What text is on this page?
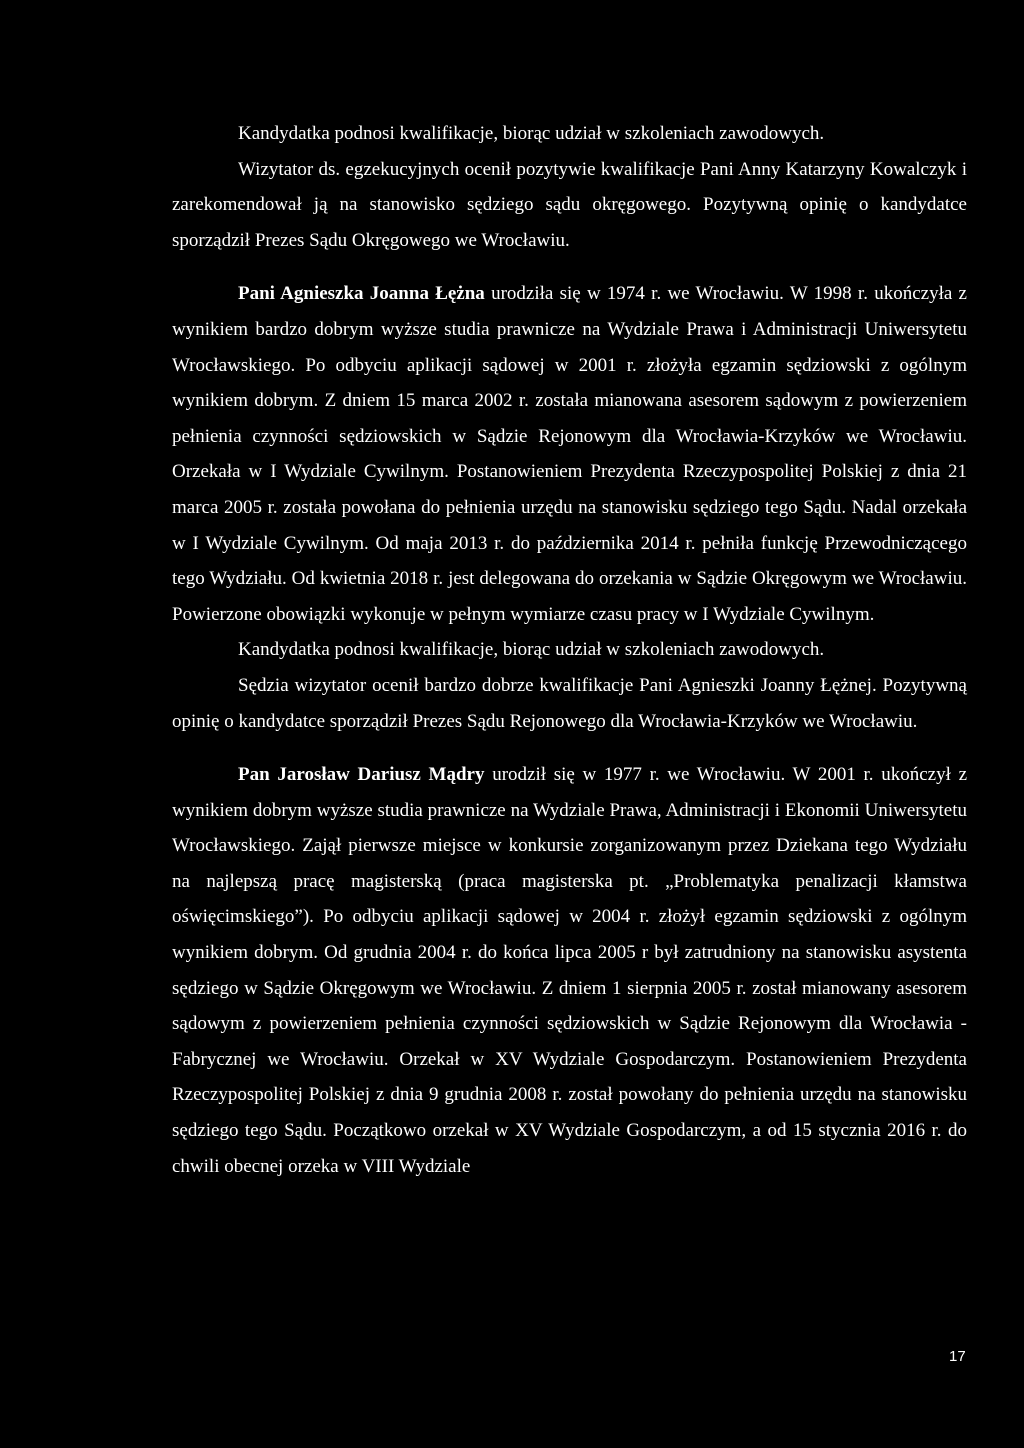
Kandydatka podnosi kwalifikacje, biorąc udział w szkoleniach zawodowych.

Wizytator ds. egzekucyjnych ocenił pozytywie kwalifikacje Pani Anny Katarzyny Kowalczyk i zarekomendował ją na stanowisko sędziego sądu okręgowego. Pozytywną opinię o kandydatce sporządził Prezes Sądu Okręgowego we Wrocławiu.

Pani Agnieszka Joanna Łężna urodziła się w 1974 r. we Wrocławiu. W 1998 r. ukończyła z wynikiem bardzo dobrym wyższe studia prawnicze na Wydziale Prawa i Administracji Uniwersytetu Wrocławskiego. Po odbyciu aplikacji sądowej w 2001 r. złożyła egzamin sędziowski z ogólnym wynikiem dobrym. Z dniem 15 marca 2002 r. została mianowana asesorem sądowym z powierzeniem pełnienia czynności sędziowskich w Sądzie Rejonowym dla Wrocławia-Krzyków we Wrocławiu. Orzekała w I Wydziale Cywilnym. Postanowieniem Prezydenta Rzeczypospolitej Polskiej z dnia 21 marca 2005 r. została powołana do pełnienia urzędu na stanowisku sędziego tego Sądu. Nadal orzekała w I Wydziale Cywilnym. Od maja 2013 r. do października 2014 r. pełniła funkcję Przewodniczącego tego Wydziału. Od kwietnia 2018 r. jest delegowana do orzekania w Sądzie Okręgowym we Wrocławiu. Powierzone obowiązki wykonuje w pełnym wymiarze czasu pracy w I Wydziale Cywilnym.

Kandydatka podnosi kwalifikacje, biorąc udział w szkoleniach zawodowych.

Sędzia wizytator ocenił bardzo dobrze kwalifikacje Pani Agnieszki Joanny Łężnej. Pozytywną opinię o kandydatce sporządził Prezes Sądu Rejonowego dla Wrocławia-Krzyków we Wrocławiu.

Pan Jarosław Dariusz Mądry urodził się w 1977 r. we Wrocławiu. W 2001 r. ukończył z wynikiem dobrym wyższe studia prawnicze na Wydziale Prawa, Administracji i Ekonomii Uniwersytetu Wrocławskiego. Zajął pierwsze miejsce w konkursie zorganizowanym przez Dziekana tego Wydziału na najlepszą pracę magisterską (praca magisterska pt. „Problematyka penalizacji kłamstwa oświęcimskiego”). Po odbyciu aplikacji sądowej w 2004 r. złożył egzamin sędziowski z ogólnym wynikiem dobrym. Od grudnia 2004 r. do końca lipca 2005 r był zatrudniony na stanowisku asystenta sędziego w Sądzie Okręgowym we Wrocławiu. Z dniem 1 sierpnia 2005 r. został mianowany asesorem sądowym z powierzeniem pełnienia czynności sędziowskich w Sądzie Rejonowym dla Wrocławia -Fabrycznej we Wrocławiu. Orzekał w XV Wydziale Gospodarczym. Postanowieniem Prezydenta Rzeczypospolitej Polskiej z dnia 9 grudnia 2008 r. został powołany do pełnienia urzędu na stanowisku sędziego tego Sądu. Początkowo orzekał w XV Wydziale Gospodarczym, a od 15 stycznia 2016 r. do chwili obecnej orzeka w VIII Wydziale

17
